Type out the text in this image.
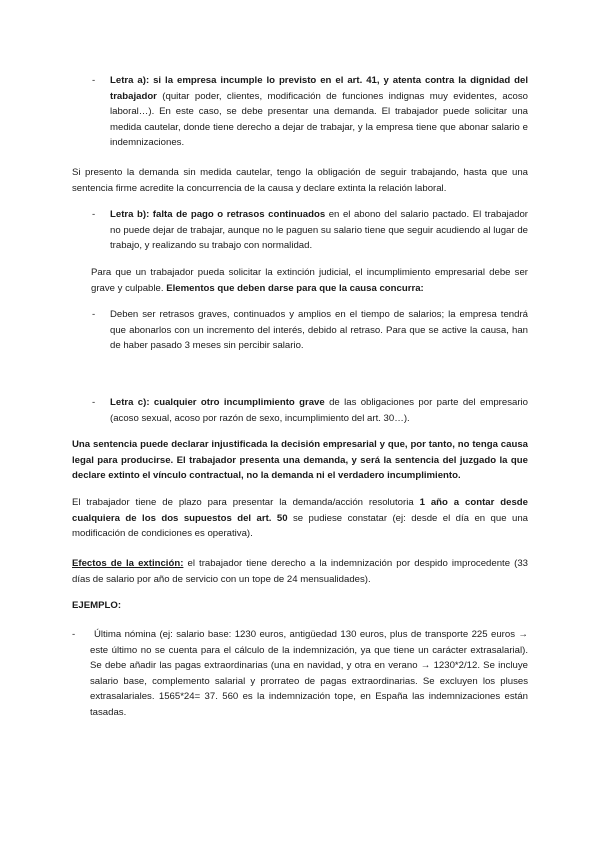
- Letra a): si la empresa incumple lo previsto en el art. 41, y atenta contra la dignidad del trabajador (quitar poder, clientes, modificación de funciones indignas muy evidentes, acoso laboral…). En este caso, se debe presentar una demanda. El trabajador puede solicitar una medida cautelar, donde tiene derecho a dejar de trabajar, y la empresa tiene que abonar salario e indemnizaciones.

Si presento la demanda sin medida cautelar, tengo la obligación de seguir trabajando, hasta que una sentencia firme acredite la concurrencia de la causa y declare extinta la relación laboral.

- Letra b): falta de pago o retrasos continuados en el abono del salario pactado. El trabajador no puede dejar de trabajar, aunque no le paguen su salario tiene que seguir acudiendo al lugar de trabajo, y realizando su trabajo con normalidad.

Para que un trabajador pueda solicitar la extinción judicial, el incumplimiento empresarial debe ser grave y culpable. Elementos que deben darse para que la causa concurra:

- Deben ser retrasos graves, continuados y amplios en el tiempo de salarios; la empresa tendrá que abonarlos con un incremento del interés, debido al retraso. Para que se active la causa, han de haber pasado 3 meses sin percibir salario.

- Letra c): cualquier otro incumplimiento grave de las obligaciones por parte del empresario (acoso sexual, acoso por razón de sexo, incumplimiento del art. 30…).

Una sentencia puede declarar injustificada la decisión empresarial y que, por tanto, no tenga causa legal para producirse. El trabajador presenta una demanda, y será la sentencia del juzgado la que declare extinto el vínculo contractual, no la demanda ni el verdadero incumplimiento.

El trabajador tiene de plazo para presentar la demanda/acción resolutoria 1 año a contar desde cualquiera de los dos supuestos del art. 50 se pudiese constatar (ej: desde el día en que una modificación de condiciones es operativa).

Efectos de la extinción: el trabajador tiene derecho a la indemnización por despido improcedente (33 días de salario por año de servicio con un tope de 24 mensualidades).

EJEMPLO:

-	Última nómina (ej: salario base: 1230 euros, antigüedad 130 euros, plus de transporte 225 euros → este último no se cuenta para el cálculo de la indemnización, ya que tiene un carácter extrasalarial). Se debe añadir las pagas extraordinarias (una en navidad, y otra en verano → 1230*2/12. Se incluye salario base, complemento salarial y prorrateo de pagas extraordinarias. Se excluyen los pluses extrasalariales. 1565*24= 37. 560 es la indemnización tope, en España las indemnizaciones están tasadas.
